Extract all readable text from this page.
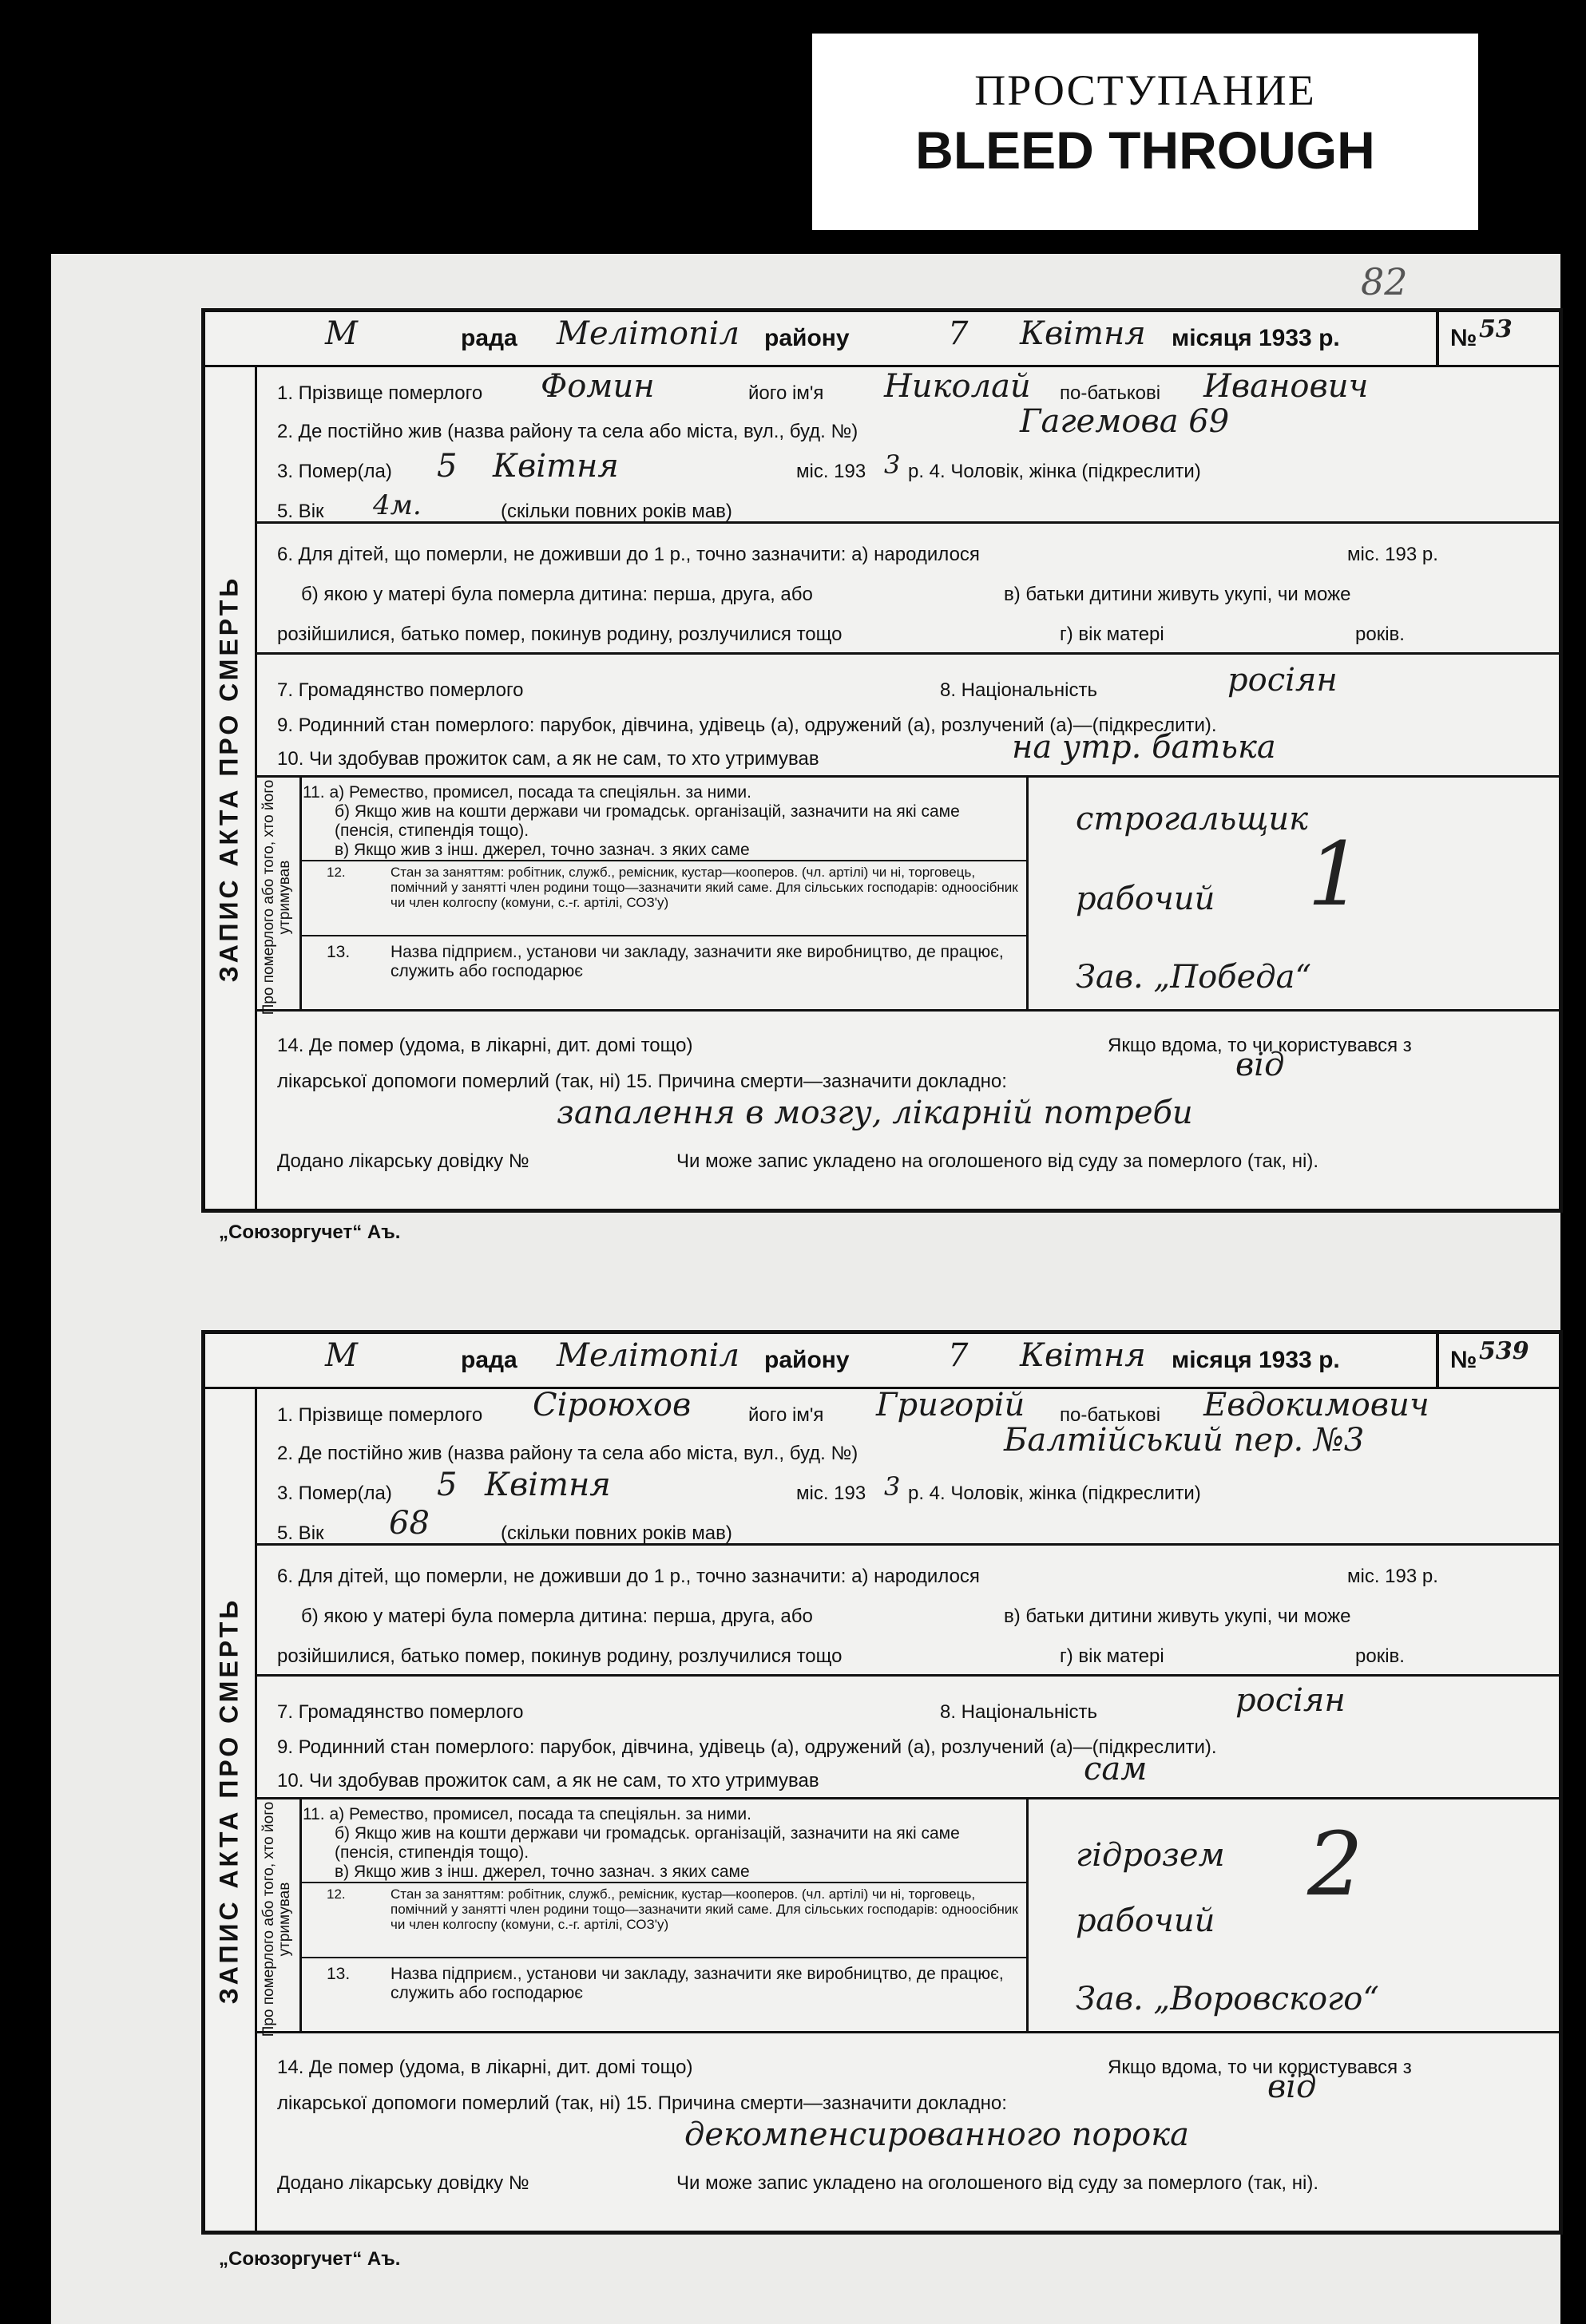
ПРОСТУПАНИЕ
BLEED THROUGH
82
М	рада Мелітопіл району	7 Квітня місяця 1933 р.	№ 53
ЗАПИС АКТА ПРО СМЕРТЬ
1. Прізвище померлого Фомин	його ім'я Николай по-батькові Иванович
2. Де постійно жив (назва району та села або міста, вул., буд. №)	Гагемова 69
3. Помер(ла) 5 Квітня	міс. 193 3 р. 4. Чоловік, жінка (підкреслити)
5. Вік 4м.	(скільки повних років мав)
6. Для дітей, що померли, не доживши до 1 р., точно зазначити: а) народилося	міс. 193 р.
б) якою у матері була померла дитина: перша, друга, або	в) батьки дитини живуть укупі, чи може
розійшилися, батько помер, покинув родину, розлучилися тощо	г) вік матері	років.
7. Громадянство померлого	8. Національність	росіян
9. Родинний стан померлого: парубок, дівчина, удівець (а), одружений (а), розлучений (а)—(підкреслити).
10. Чи здобував прожиток сам, а як не сам, то хто утримував	на утр. батька
Про померлого або того, хто його утримував
11. а) Ремество, промисел, посада та спеціяльн. за ними.
б) Якщо жив на кошти держави чи громадськ. організацій, зазначити на які саме (пенсія, стипендія тощо).
в) Якщо жив з інш. джерел, точно зазнач. з яких саме
12.	Стан за заняттям: робітник, служб., ремісник, кустар—кооперов. (чл. артілі) чи ні, торговець, помічний у занятті член родини тощо—зазначити який саме. Для сільських господарів: одноосібник чи член колгоспу (комуни, с.-г. артілі, СОЗ'у)
13.	Назва підприєм., установи чи закладу, зазначити яке виробництво, де працює, служить або господарює
строгальщик
рабочий 1
Зав. „Победа“
14. Де помер (удома, в лікарні, дит. домі тощо)	Якщо вдома, то чи користувався з
лікарської допомоги померлий (так, ні) 15. Причина смерти—зазначити докладно:	від
запалення в мозгу, лікарній потреби
Додано лікарську довідку №	Чи може запис укладено на оголошеного від суду за померлого (так, ні).
„Союзоргучет“ Аъ.
М	рада Мелітопіл району	7 Квітня місяця 1933 р.	№ 539
ЗАПИС АКТА ПРО СМЕРТЬ
1. Прізвище померлого Сіроюхов	його ім'я Григорій по-батькові Евдокимович
2. Де постійно жив (назва району та села або міста, вул., буд. №)	Балтійський пер. №3
3. Помер(ла) 5 Квітня	міс. 193 3 р. 4. Чоловік, жінка (підкреслити)
5. Вік 68	(скільки повних років мав)
6. Для дітей, що померли, не доживши до 1 р., точно зазначити: а) народилося	міс. 193 р.
б) якою у матері була померла дитина: перша, друга, або	в) батьки дитини живуть укупі, чи може
розійшилися, батько помер, покинув родину, розлучилися тощо	г) вік матері	років.
7. Громадянство померлого	8. Національність	росіян
9. Родинний стан померлого: парубок, дівчина, удівець (а), одружений (а), розлучений (а)—(підкреслити).
10. Чи здобував прожиток сам, а як не сам, то хто утримував	сам
Про померлого або того, хто його утримував
11. а) Ремество, промисел, посада та спеціяльн. за ними.
б) Якщо жив на кошти держави чи громадськ. організацій, зазначити на які саме (пенсія, стипендія тощо).
в) Якщо жив з інш. джерел, точно зазнач. з яких саме
12.	Стан за заняттям: робітник, служб., ремісник, кустар—кооперов. (чл. артілі) чи ні, торговець, помічний у занятті член родини тощо—зазначити який саме. Для сільських господарів: одноосібник чи член колгоспу (комуни, с.-г. артілі, СОЗ'у)
13.	Назва підприєм., установи чи закладу, зазначити яке виробництво, де працює, служить або господарює
гідрозем
рабочий
2
Зав. „Воровского“
14. Де помер (удома, в лікарні, дит. домі тощо)	Якщо вдома, то чи користувався з
лікарської допомоги померлий (так, ні) 15. Причина смерти—зазначити докладно:	від
декомпенсированного порока
Додано лікарську довідку №	Чи може запис укладено на оголошеного від суду за померлого (так, ні).
„Союзоргучет“ Аъ.
